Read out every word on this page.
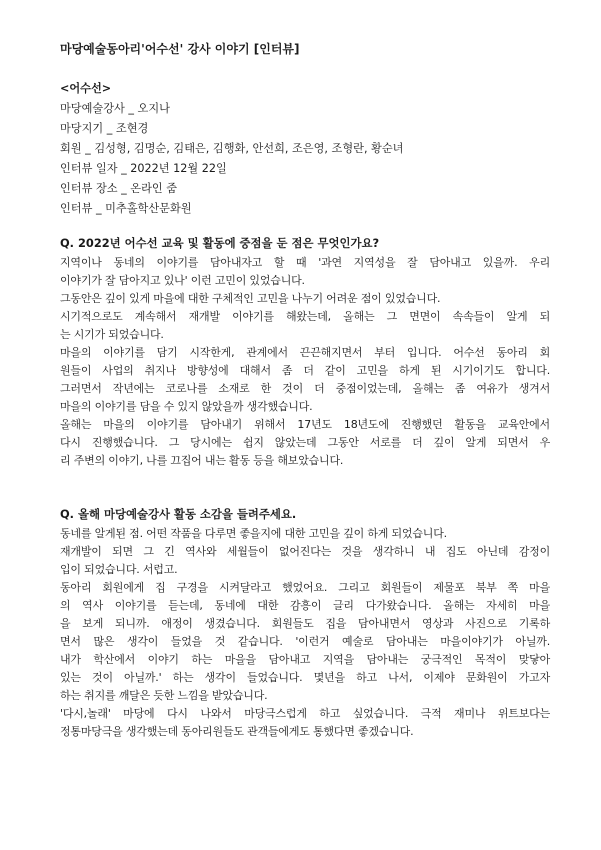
마당예술동아리'어수선' 강사 이야기 [인터뷰]
<어수선>
마당예술강사 _ 오지나
마당지기 _ 조현경
회원 _ 김성형, 김명순, 김태은, 김행화, 안선희, 조은영, 조형란, 황순녀
인터뷰 일자 _ 2022년 12월 22일
인터뷰 장소 _ 온라인 줌
인터뷰 _ 미추홀학산문화원
Q. 2022년 어수선 교육 및 활동에 중점을 둔 점은 무엇인가요?
지역이나 동네의 이야기를 담아내자고 할 때 '과연 지역성을 잘 담아내고 있을까. 우리
이야기가 잘 담아지고 있나' 이런 고민이 있었습니다.
그동안은 깊이 있게 마을에 대한 구체적인 고민을 나누기 어려운 점이 있었습니다.
시기적으로도 계속해서 재개발 이야기를 해왔는데, 올해는 그 면면이 속속들이 알게 되
는 시기가 되었습니다.
마을의 이야기를 담기 시작한게, 관계에서 끈끈해지면서 부터 입니다. 어수선 동아리 회
원들이 사업의 취지나 방향성에 대해서 좀 더 같이 고민을 하게 된 시기이기도 합니다.
그러면서 작년에는 코로나를 소재로 한 것이 더 중점이었는데, 올해는 좀 여유가 생겨서
마을의 이야기를 담을 수 있지 않았을까 생각했습니다.
올해는 마을의 이야기를 담아내기 위해서 17년도 18년도에 진행했던 활동을 교육안에서
다시 진행했습니다. 그 당시에는 쉽지 않았는데 그동안 서로를 더 깊이 알게 되면서 우
리 주변의 이야기, 나를 끄집어 내는 활동 등을 해보았습니다.
Q. 올해 마당예술강사 활동 소감을 들려주세요.
동네를 알게된 점. 어떤 작품을 다루면 좋을지에 대한 고민을 깊이 하게 되었습니다.
재개발이 되면 그 긴 역사와 세월들이 없어진다는 것을 생각하니 내 집도 아닌데 감정이
입이 되었습니다. 서럽고.
동아리 회원에게 집 구경을 시켜달라고 했었어요. 그리고 회원들이 제물포 북부 쪽 마을
의 역사 이야기를 듣는데, 동네에 대한 감흥이 글리 다가왔습니다. 올해는 자세히 마을
을 보게 되니까. 애정이 생겼습니다. 회원들도 집을 담아내면서 영상과 사진으로 기록하
면서 많은 생각이 들었을 것 같습니다. '이런거 예술로 담아내는 마을이야기가 아닐까.
내가 학산에서 이야기 하는 마을을 담아내고 지역을 담아내는 궁극적인 목적이 맞닿아
있는 것이 아닐까.' 하는 생각이 들었습니다. 몇년을 하고 나서, 이제야 문화원이 가고자
하는 취지를 깨달은 듯한 느낌을 받았습니다.
'다시,놀래' 마당에 다시 나와서 마당극스럽게 하고 싶었습니다. 극적 재미나 위트보다는
정통마당극을 생각했는데 동아리원들도 관객들에게도 통했다면 좋겠습니다.
